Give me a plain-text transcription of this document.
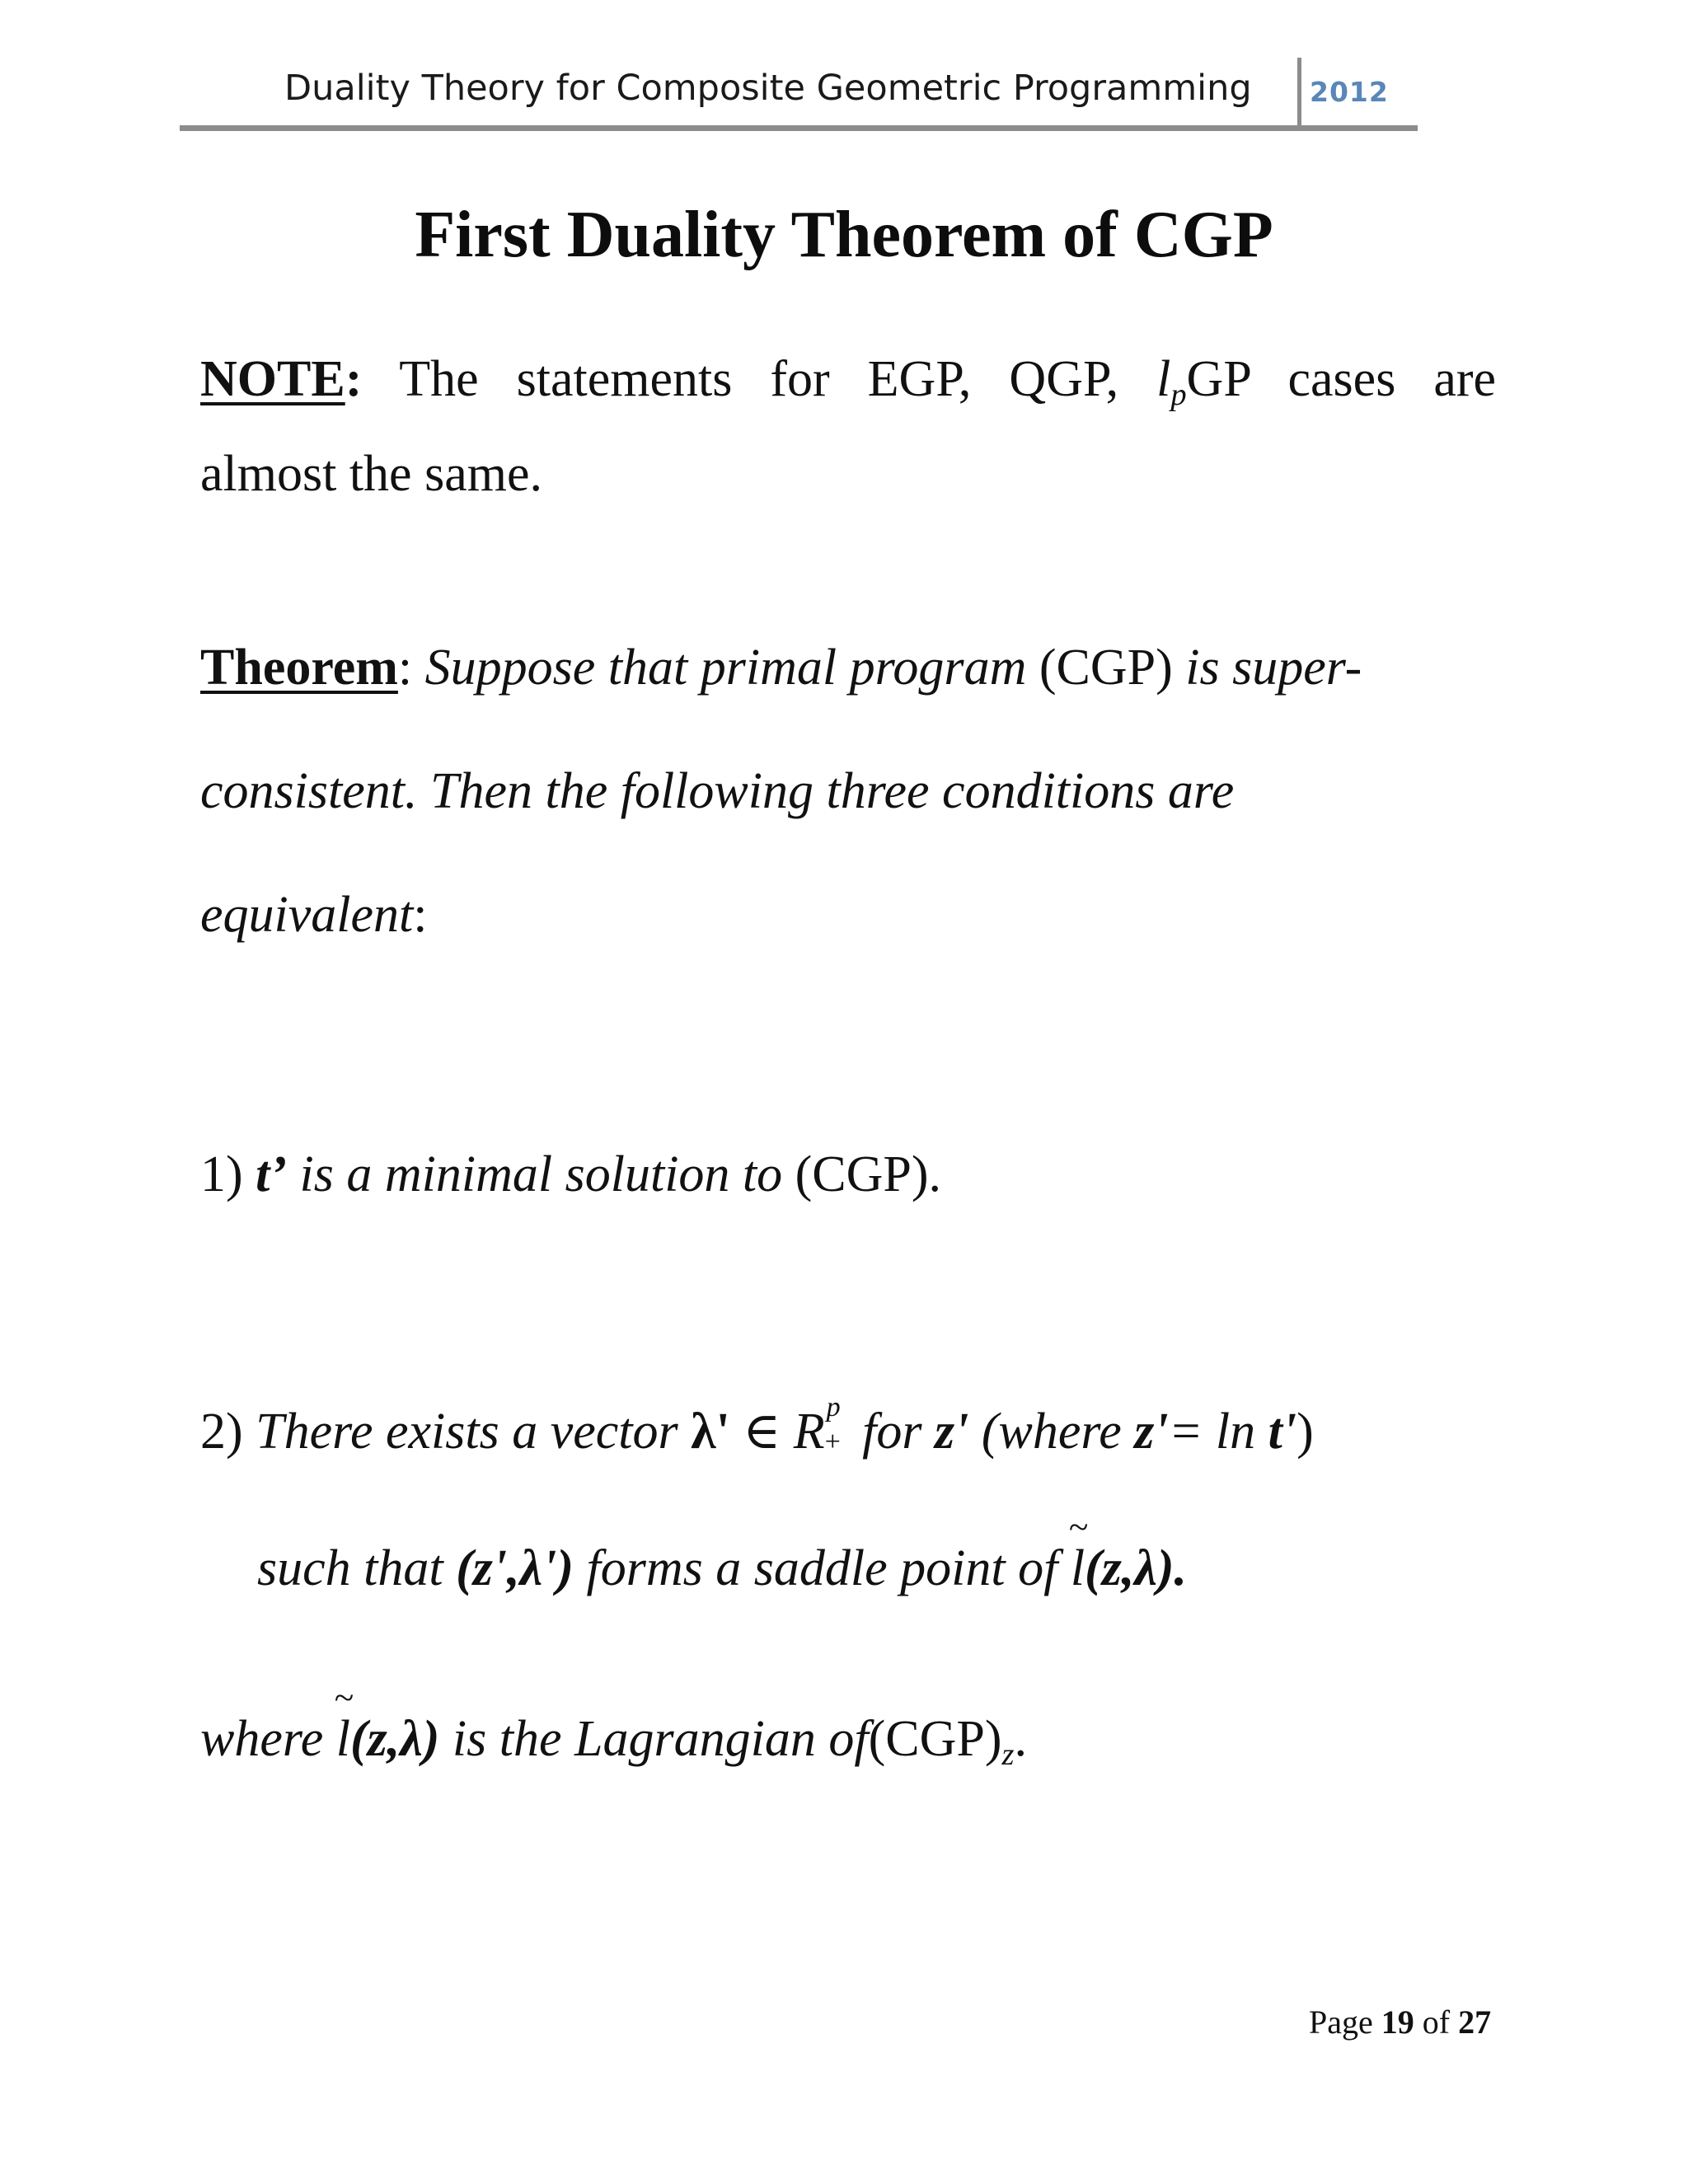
Duality Theory for Composite Geometric Programming 2012
First Duality Theorem of CGP
NOTE: The statements for EGP, QGP, $l_pGP$ cases are
almost the same.
Theorem: Suppose that primal program (CGP) is super-
consistent. Then the following three conditions are
equivalent:
1) t’ is a minimal solution to (CGP).
2) There exists a vector λ' ∈ R p
+ for z' (where z'= ln t')
such that (z',λ') forms a saddle point of ~ l(z,λ).
where ~ l(z,λ) is the Lagrangian $of(CGP)_z$.
Page 19 of 27
